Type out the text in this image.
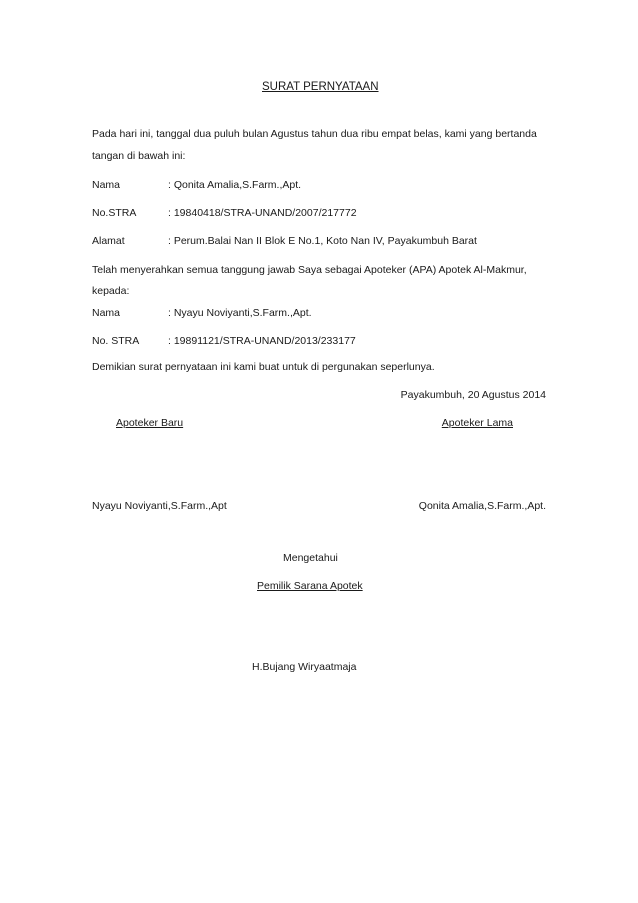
SURAT PERNYATAAN
Pada hari ini, tanggal dua puluh bulan Agustus tahun dua ribu empat belas, kami yang bertanda
tangan di bawah ini:
Nama	: Qonita Amalia,S.Farm.,Apt.
No.STRA	: 19840418/STRA-UNAND/2007/217772
Alamat	: Perum.Balai Nan II Blok E No.1, Koto Nan IV, Payakumbuh Barat
Telah menyerahkan semua tanggung jawab Saya sebagai Apoteker (APA) Apotek Al-Makmur,
kepada:
Nama	: Nyayu Noviyanti,S.Farm.,Apt.
No. STRA	: 19891121/STRA-UNAND/2013/233177
Demikian surat pernyataan ini kami buat untuk di pergunakan seperlunya.
Payakumbuh, 20 Agustus 2014
Apoteker Baru	Apoteker Lama
Nyayu Noviyanti,S.Farm.,Apt	Qonita Amalia,S.Farm.,Apt.
Mengetahui
Pemilik Sarana Apotek
H.Bujang Wiryaatmaja
